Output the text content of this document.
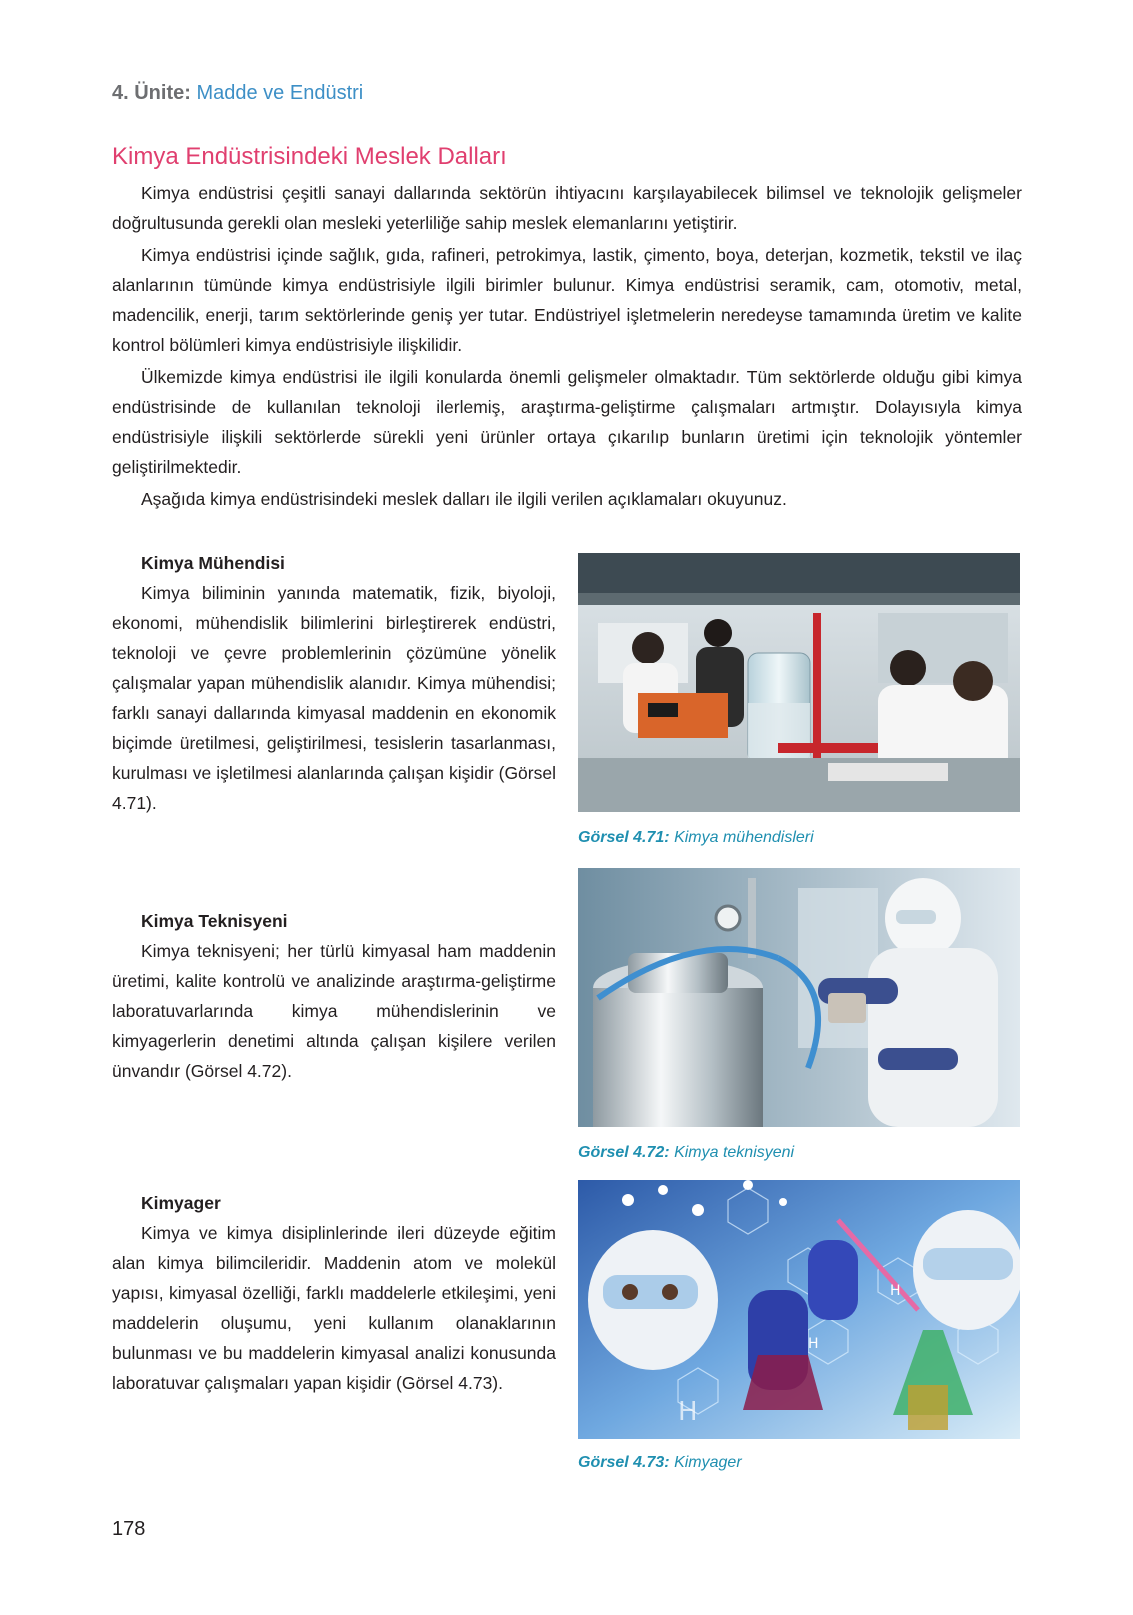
4. Ünite: Madde ve Endüstri
Kimya Endüstrisindeki Meslek Dalları

Kimya endüstrisi çeşitli sanayi dallarında sektörün ihtiyacını karşılayabilecek bilimsel ve teknolojik gelişmeler doğrultusunda gerekli olan mesleki yeterliliğe sahip meslek elemanlarını yetiştirir.

Kimya endüstrisi içinde sağlık, gıda, rafineri, petrokimya, lastik, çimento, boya, deterjan, kozmetik, tekstil ve ilaç alanlarının tümünde kimya endüstrisiyle ilgili birimler bulunur. Kimya endüstrisi seramik, cam, otomotiv, metal, madencilik, enerji, tarım sektörlerinde geniş yer tutar. Endüstriyel işletmelerin neredeyse tamamında üretim ve kalite kontrol bölümleri kimya endüstrisiyle ilişkilidir.

Ülkemizde kimya endüstrisi ile ilgili konularda önemli gelişmeler olmaktadır. Tüm sektörlerde olduğu gibi kimya endüstrisinde de kullanılan teknoloji ilerlemiş, araştırma-geliştirme çalışmaları artmıştır. Dolayısıyla kimya endüstrisiyle ilişkili sektörlerde sürekli yeni ürünler ortaya çıkarılıp bunların üretimi için teknolojik yöntemler geliştirilmektedir.

Aşağıda kimya endüstrisindeki meslek dalları ile ilgili verilen açıklamaları okuyunuz.

Kimya Mühendisi

Kimya biliminin yanında matematik, fizik, biyoloji, ekonomi, mühendislik bilimlerini birleştirerek endüstri, teknoloji ve çevre problemlerinin çözümüne yönelik çalışmalar yapan mühendislik alanıdır. Kimya mühendisi; farklı sanayi dallarında kimyasal maddenin en ekonomik biçimde üretilmesi, geliştirilmesi, tesislerin tasarlanması, kurulması ve işletilmesi alanlarında çalışan kişidir (Görsel 4.71).

Görsel 4.71: Kimya mühendisleri
Kimya Teknisyeni

Kimya teknisyeni; her türlü kimyasal ham maddenin üretimi, kalite kontrolü ve analizinde araştırma-geliştirme laboratuvarlarında kimya mühendislerinin ve kimyagerlerin denetimi altında çalışan kişilere verilen ünvandır (Görsel 4.72).

Görsel 4.72: Kimya teknisyeni
Kimyager

Kimya ve kimya disiplinlerinde ileri düzeyde eğitim alan kimya bilimcileridir. Maddenin atom ve molekül yapısı, kimyasal özelliği, farklı maddelerle etkileşimi, yeni maddelerin oluşumu, yeni kullanım olanaklarının bulunması ve bu maddelerin kimyasal analizi konusunda laboratuvar çalışmaları yapan kişidir (Görsel 4.73).

H
H
H
Görsel 4.73: Kimyager
178
